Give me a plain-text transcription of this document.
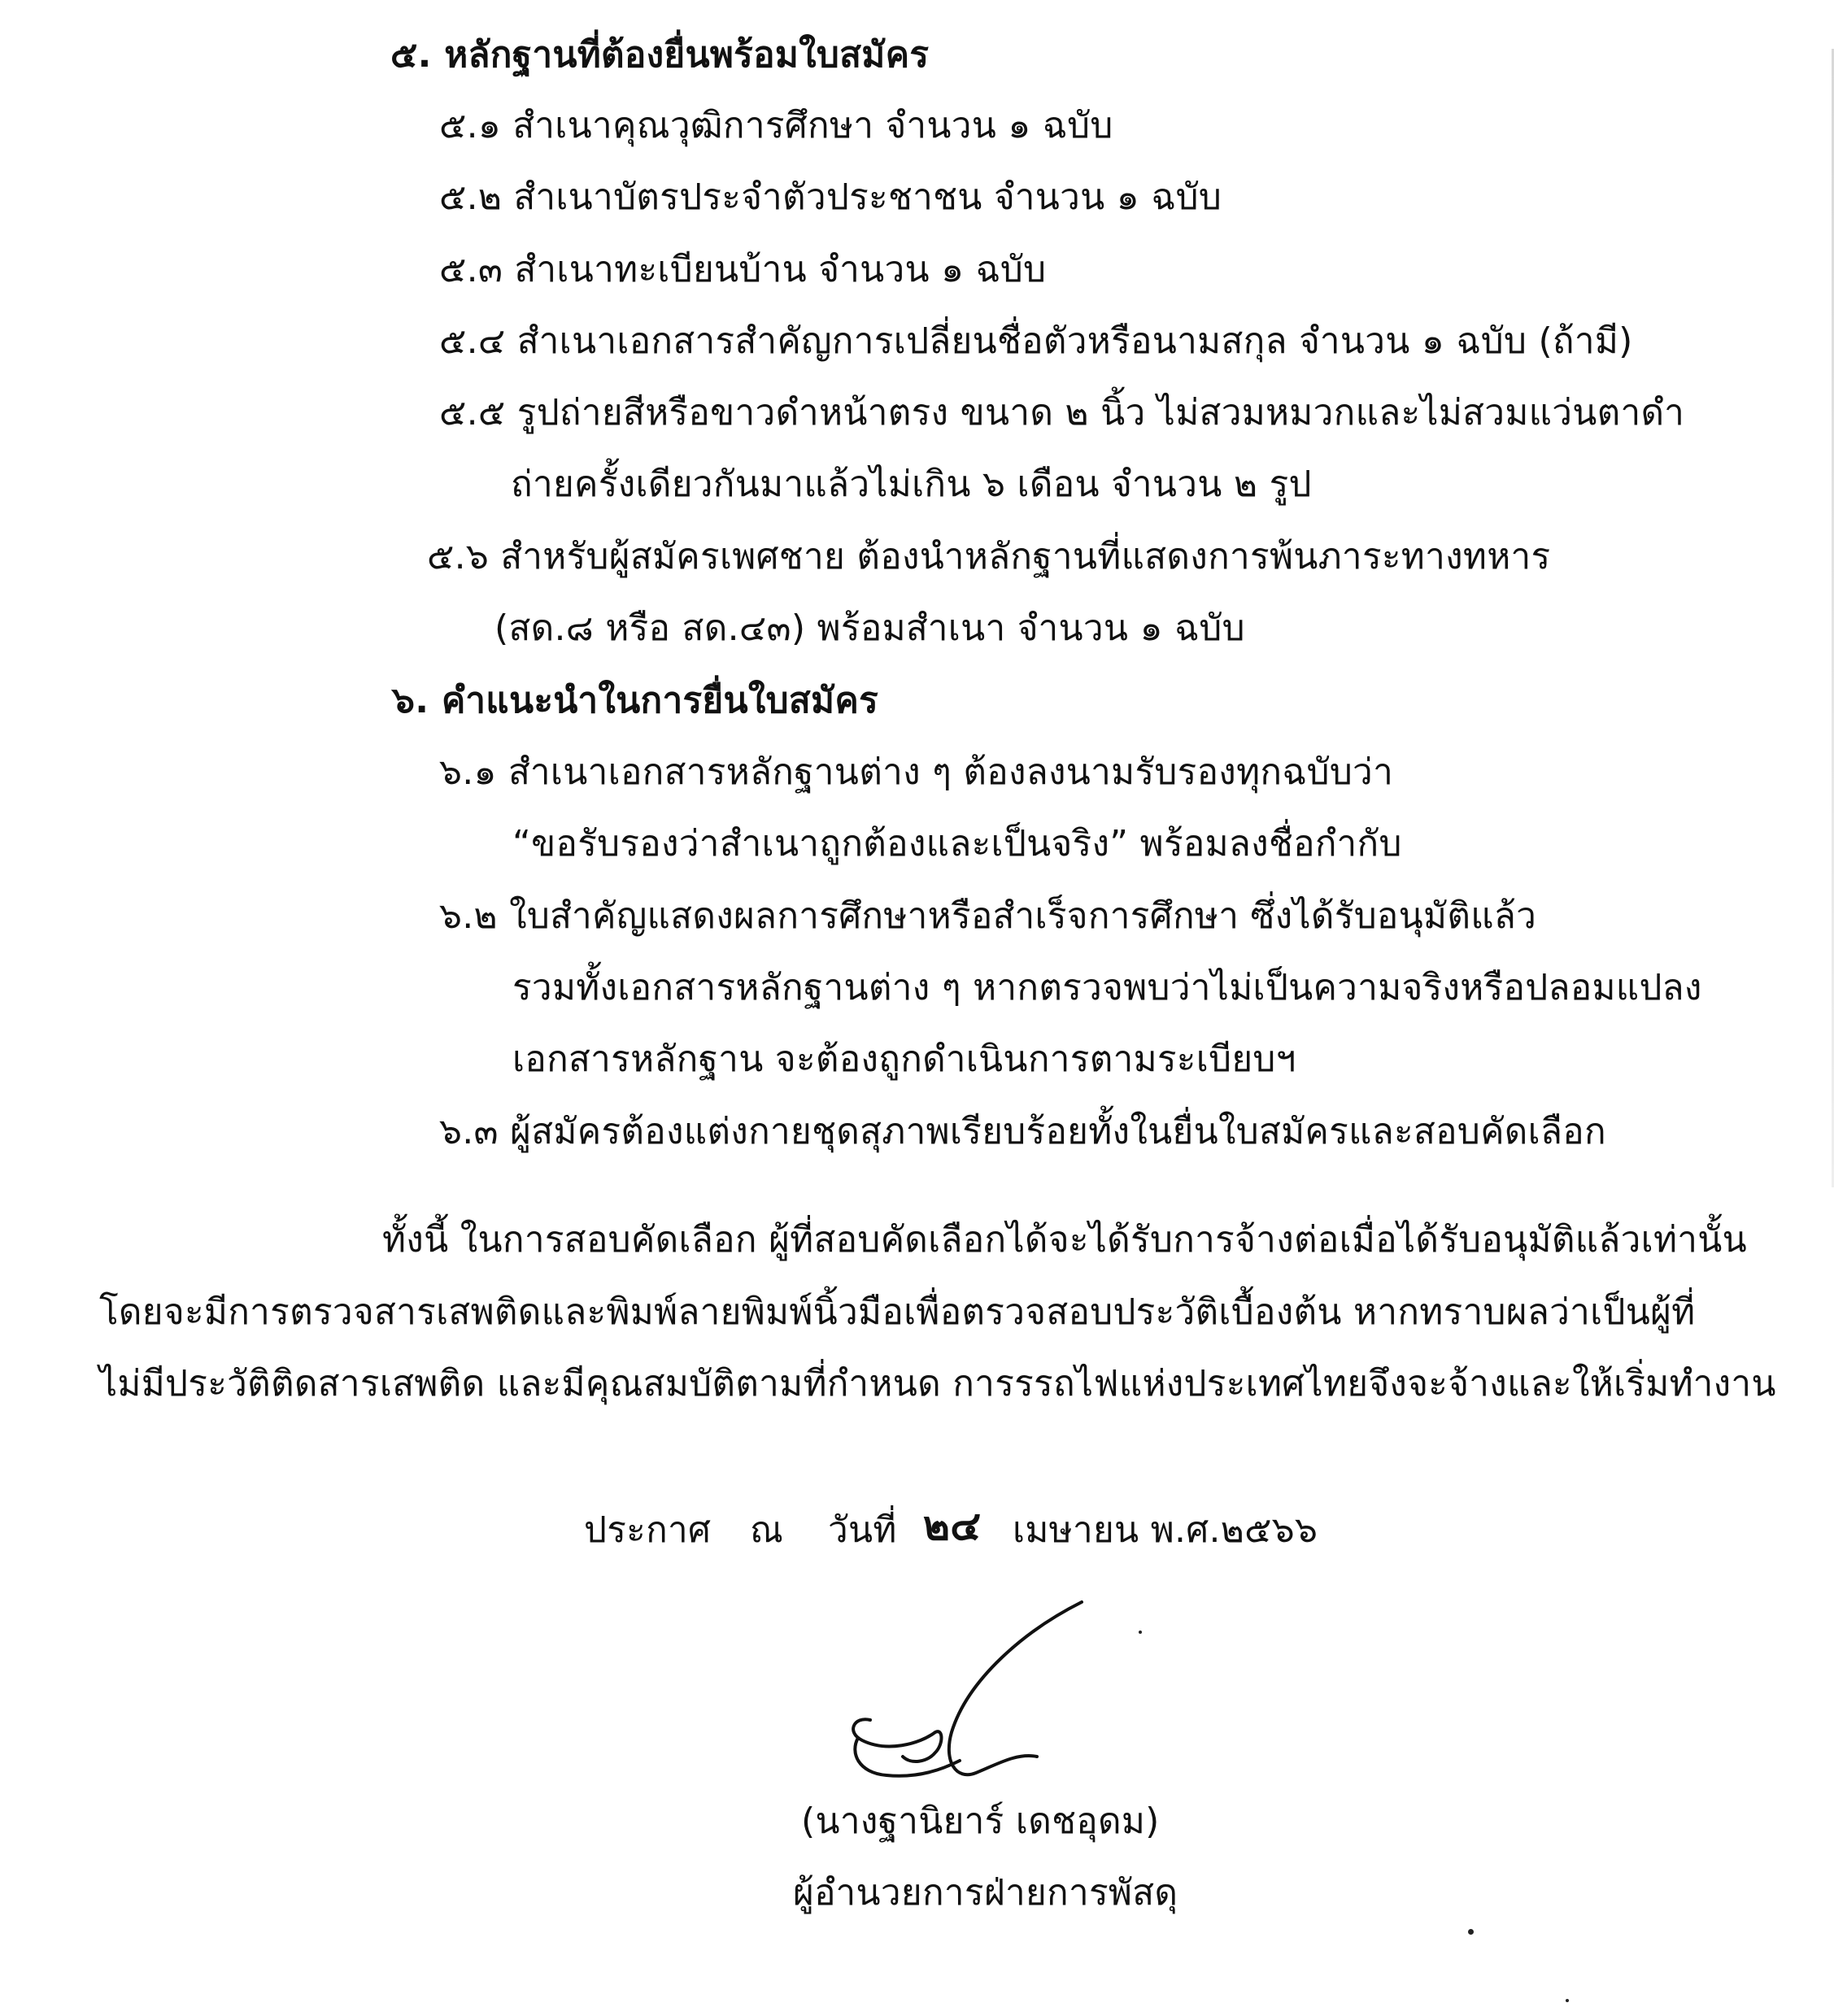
๕. หลักฐานที่ต้องยื่นพร้อมใบสมัคร
๕.๑ สำเนาคุณวุฒิการศึกษา จำนวน ๑ ฉบับ
๕.๒ สำเนาบัตรประจำตัวประชาชน จำนวน ๑ ฉบับ
๕.๓ สำเนาทะเบียนบ้าน จำนวน ๑ ฉบับ
๕.๔ สำเนาเอกสารสำคัญการเปลี่ยนชื่อตัวหรือนามสกุล จำนวน ๑ ฉบับ (ถ้ามี)
๕.๕ รูปถ่ายสีหรือขาวดำหน้าตรง ขนาด ๒ นิ้ว ไม่สวมหมวกและไม่สวมแว่นตาดำ
ถ่ายครั้งเดียวกันมาแล้วไม่เกิน ๖ เดือน จำนวน ๒ รูป
๕.๖ สำหรับผู้สมัครเพศชาย ต้องนำหลักฐานที่แสดงการพ้นภาระทางทหาร
(สด.๘ หรือ สด.๔๓) พร้อมสำเนา จำนวน ๑ ฉบับ
๖. คำแนะนำในการยื่นใบสมัคร
๖.๑ สำเนาเอกสารหลักฐานต่าง ๆ ต้องลงนามรับรองทุกฉบับว่า
“ขอรับรองว่าสำเนาถูกต้องและเป็นจริง” พร้อมลงชื่อกำกับ
๖.๒ ใบสำคัญแสดงผลการศึกษาหรือสำเร็จการศึกษา ซึ่งได้รับอนุมัติแล้ว
รวมทั้งเอกสารหลักฐานต่าง ๆ หากตรวจพบว่าไม่เป็นความจริงหรือปลอมแปลง
เอกสารหลักฐาน จะต้องถูกดำเนินการตามระเบียบฯ
๖.๓ ผู้สมัครต้องแต่งกายชุดสุภาพเรียบร้อยทั้งในยื่นใบสมัครและสอบคัดเลือก
ทั้งนี้ ในการสอบคัดเลือก ผู้ที่สอบคัดเลือกได้จะได้รับการจ้างต่อเมื่อได้รับอนุมัติแล้วเท่านั้น
โดยจะมีการตรวจสารเสพติดและพิมพ์ลายพิมพ์นิ้วมือเพื่อตรวจสอบประวัติเบื้องต้น หากทราบผลว่าเป็นผู้ที่
ไม่มีประวัติติดสารเสพติด และมีคุณสมบัติตามที่กำหนด การรรถไฟแห่งประเทศไทยจึงจะจ้างและให้เริ่มทำงาน
ประกาศ ณ วันที่ ๒๔ เมษายน พ.ศ.๒๕๖๖
(นางฐานิยาร์ เดชอุดม)
ผู้อำนวยการฝ่ายการพัสดุ
